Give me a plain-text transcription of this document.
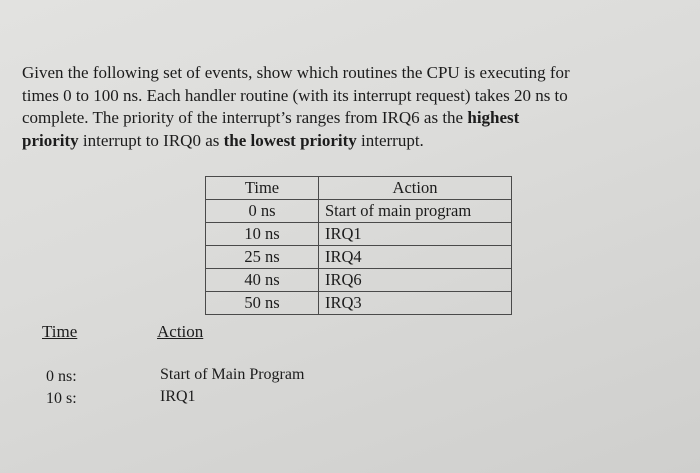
Given the following set of events, show which routines the CPU is executing for
times 0 to 100 ns. Each handler routine (with its interrupt request) takes 20 ns to
complete. The priority of the interrupt’s ranges from IRQ6 as the highest
priority interrupt to IRQ0 as the lowest priority interrupt.
Time	Action
0 ns	Start of main program
10 ns	IRQ1
25 ns	IRQ4
40 ns	IRQ6
50 ns	IRQ3
Time	Action
0 ns:	Start of Main Program
10 s:	IRQ1
